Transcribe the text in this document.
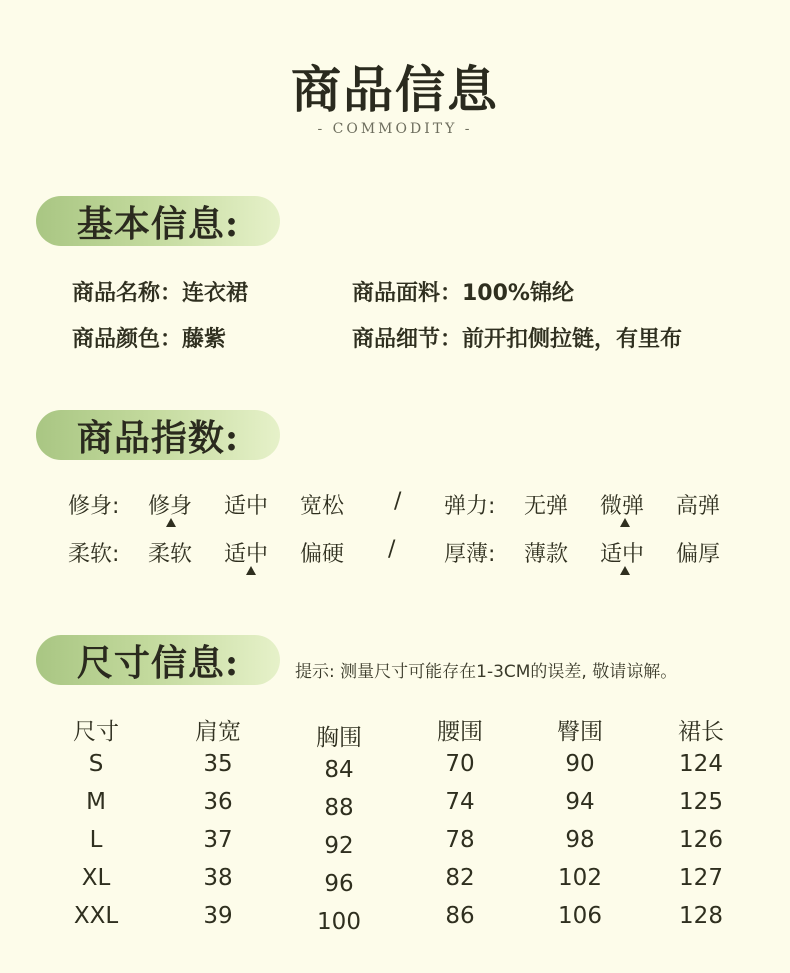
商品信息
- COMMODITY -
基本信息:
商品名称：连衣裙	商品面料：100%锦纶
商品颜色：藤紫	商品细节：前开扣侧拉链，有里布
商品指数:
修身: 修身 适中 宽松 / 弹力: 无弹 微弹 高弹
柔软: 柔软 适中 偏硬 / 厚薄: 薄款 适中 偏厚
尺寸信息:	提示: 测量尺寸可能存在1-3CM的误差, 敬请谅解。
尺寸	肩宽	胸围	腰围	臀围	裙长
S	35	84	70	90	124
M	36	88	74	94	125
L	37	92	78	98	126
XL	38	96	82	102	127
XXL	39	100	86	106	128
